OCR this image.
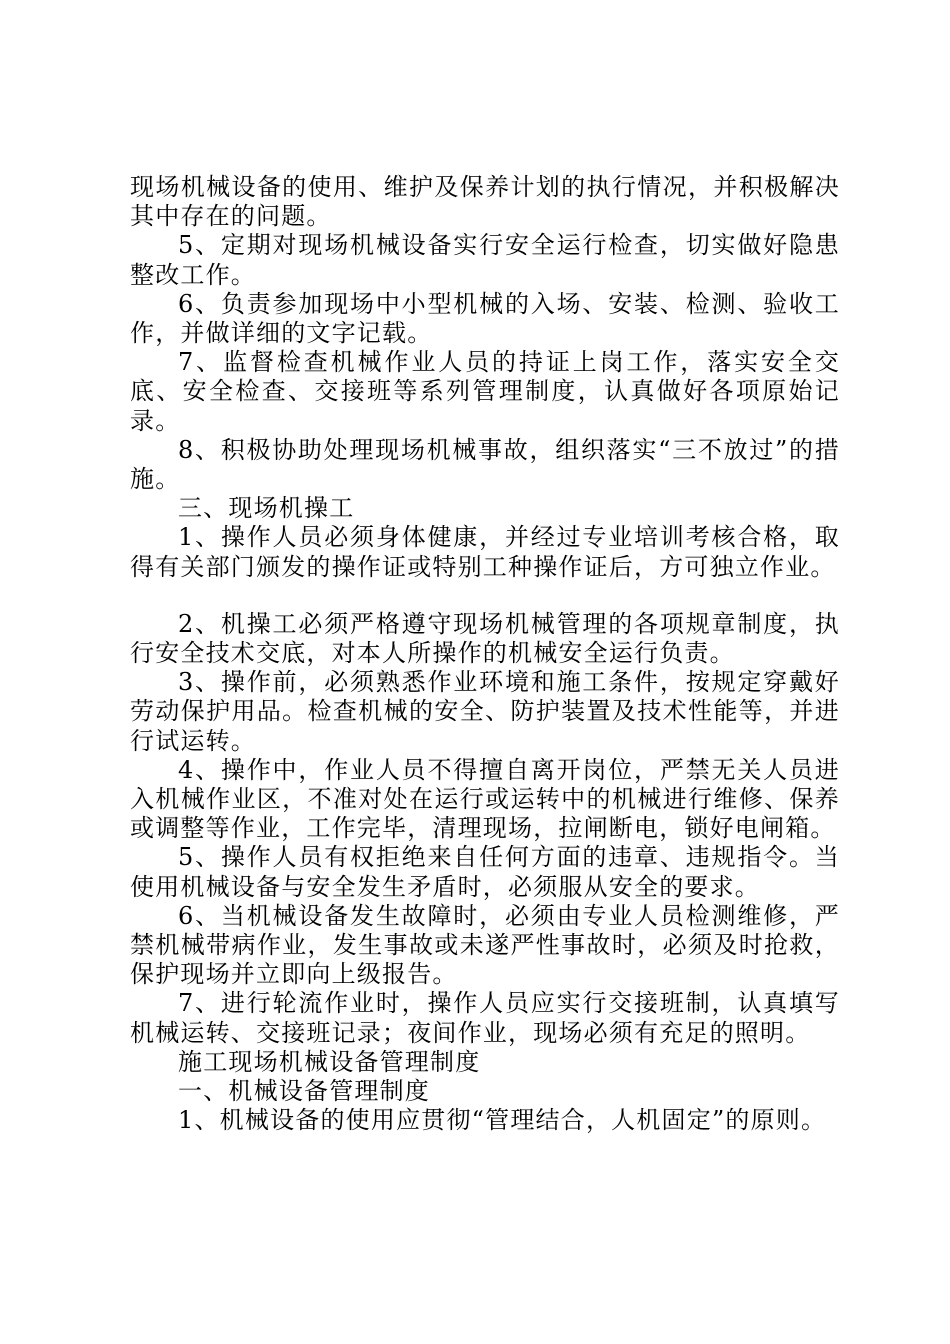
现场机械设备的使用、维护及保养计划的执行情况，并积极解决其中存在的问题。

5、定期对现场机械设备实行安全运行检查，切实做好隐患整改工作。

6、负责参加现场中小型机械的入场、安装、检测、验收工作，并做详细的文字记载。

7、监督检查机械作业人员的持证上岗工作，落实安全交底、安全检查、交接班等系列管理制度，认真做好各项原始记录。

8、积极协助处理现场机械事故，组织落实“三不放过”的措施。

三、现场机操工

1、操作人员必须身体健康，并经过专业培训考核合格，取得有关部门颁发的操作证或特别工种操作证后，方可独立作业。

2、机操工必须严格遵守现场机械管理的各项规章制度，执行安全技术交底，对本人所操作的机械安全运行负责。

3、操作前，必须熟悉作业环境和施工条件，按规定穿戴好劳动保护用品。检查机械的安全、防护装置及技术性能等，并进行试运转。

4、操作中，作业人员不得擅自离开岗位，严禁无关人员进入机械作业区，不准对处在运行或运转中的机械进行维修、保养或调整等作业，工作完毕，清理现场，拉闸断电，锁好电闸箱。

5、操作人员有权拒绝来自任何方面的违章、违规指令。当使用机械设备与安全发生矛盾时，必须服从安全的要求。

6、当机械设备发生故障时，必须由专业人员检测维修，严禁机械带病作业，发生事故或未遂严性事故时，必须及时抢救，保护现场并立即向上级报告。

7、进行轮流作业时，操作人员应实行交接班制，认真填写机械运转、交接班记录；夜间作业，现场必须有充足的照明。

施工现场机械设备管理制度

一、机械设备管理制度

1、机械设备的使用应贯彻“管理结合，人机固定”的原则。
